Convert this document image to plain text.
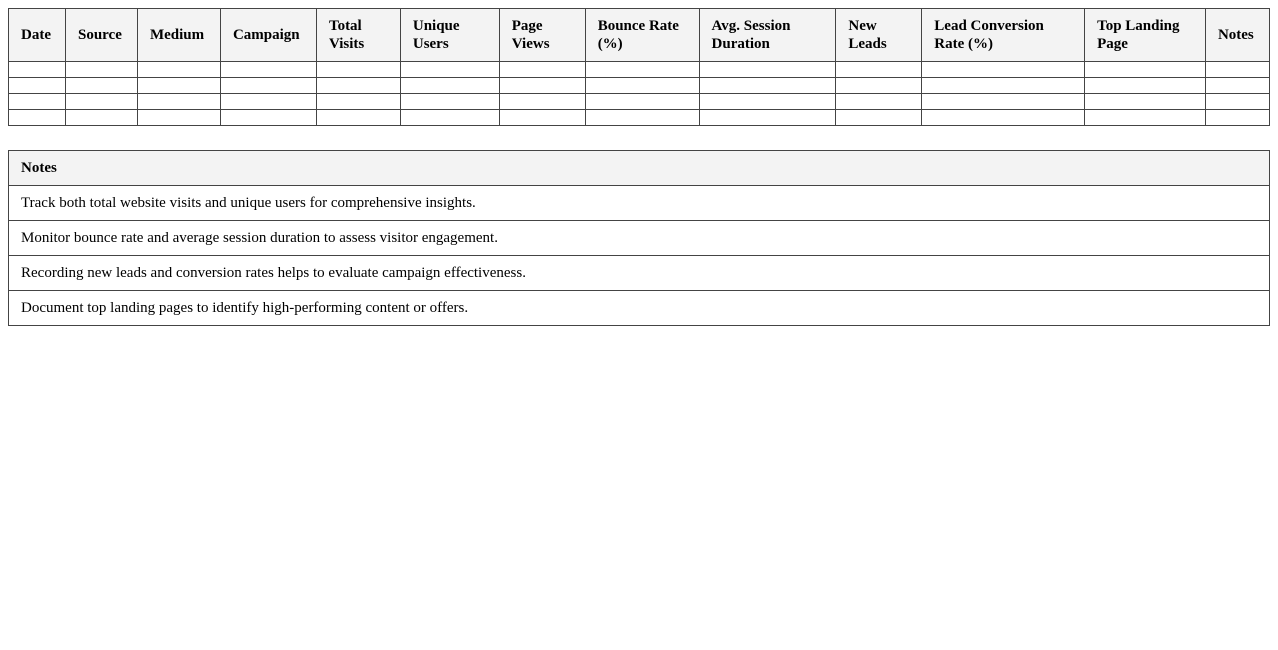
Date	Source	Medium	Campaign	Total Visits	Unique Users	Page Views	Bounce Rate (%)	Avg. Session Duration	New Leads	Lead Conversion Rate (%)	Top Landing Page	Notes

Notes
Track both total website visits and unique users for comprehensive insights.
Monitor bounce rate and average session duration to assess visitor engagement.
Recording new leads and conversion rates helps to evaluate campaign effectiveness.
Document top landing pages to identify high-performing content or offers.
